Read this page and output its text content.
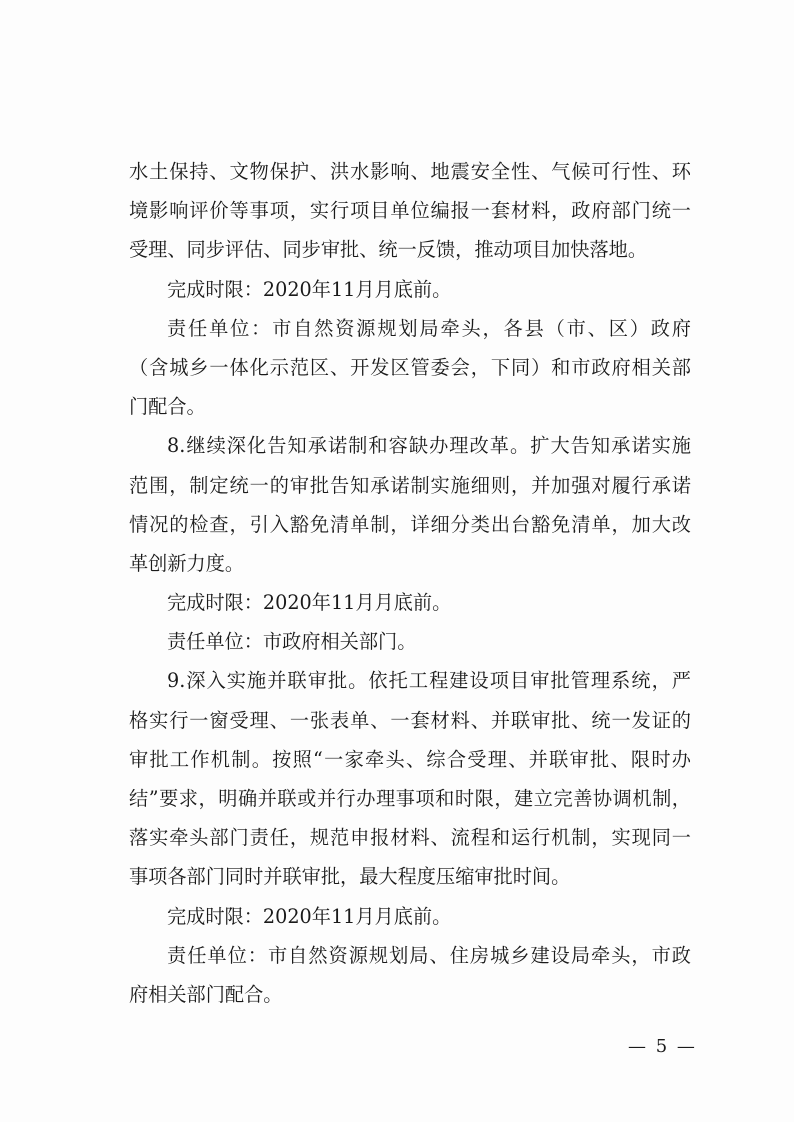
水土保持、文物保护、洪水影响、地震安全性、气候可行性、环
境影响评价等事项，实行项目单位编报一套材料，政府部门统一
受理、同步评估、同步审批、统一反馈，推动项目加快落地。
完成时限：2020年11月月底前。
责任单位：市自然资源规划局牵头，各县（市、区）政府
（含城乡一体化示范区、开发区管委会，下同）和市政府相关部
门配合。
8.继续深化告知承诺制和容缺办理改革。扩大告知承诺实施
范围，制定统一的审批告知承诺制实施细则，并加强对履行承诺
情况的检查，引入豁免清单制，详细分类出台豁免清单，加大改
革创新力度。
完成时限：2020年11月月底前。
责任单位：市政府相关部门。
9.深入实施并联审批。依托工程建设项目审批管理系统，严
格实行一窗受理、一张表单、一套材料、并联审批、统一发证的
审批工作机制。按照“一家牵头、综合受理、并联审批、限时办
结”要求，明确并联或并行办理事项和时限，建立完善协调机制，
落实牵头部门责任，规范申报材料、流程和运行机制，实现同一
事项各部门同时并联审批，最大程度压缩审批时间。
完成时限：2020年11月月底前。
责任单位：市自然资源规划局、住房城乡建设局牵头，市政
府相关部门配合。
— 5 —
